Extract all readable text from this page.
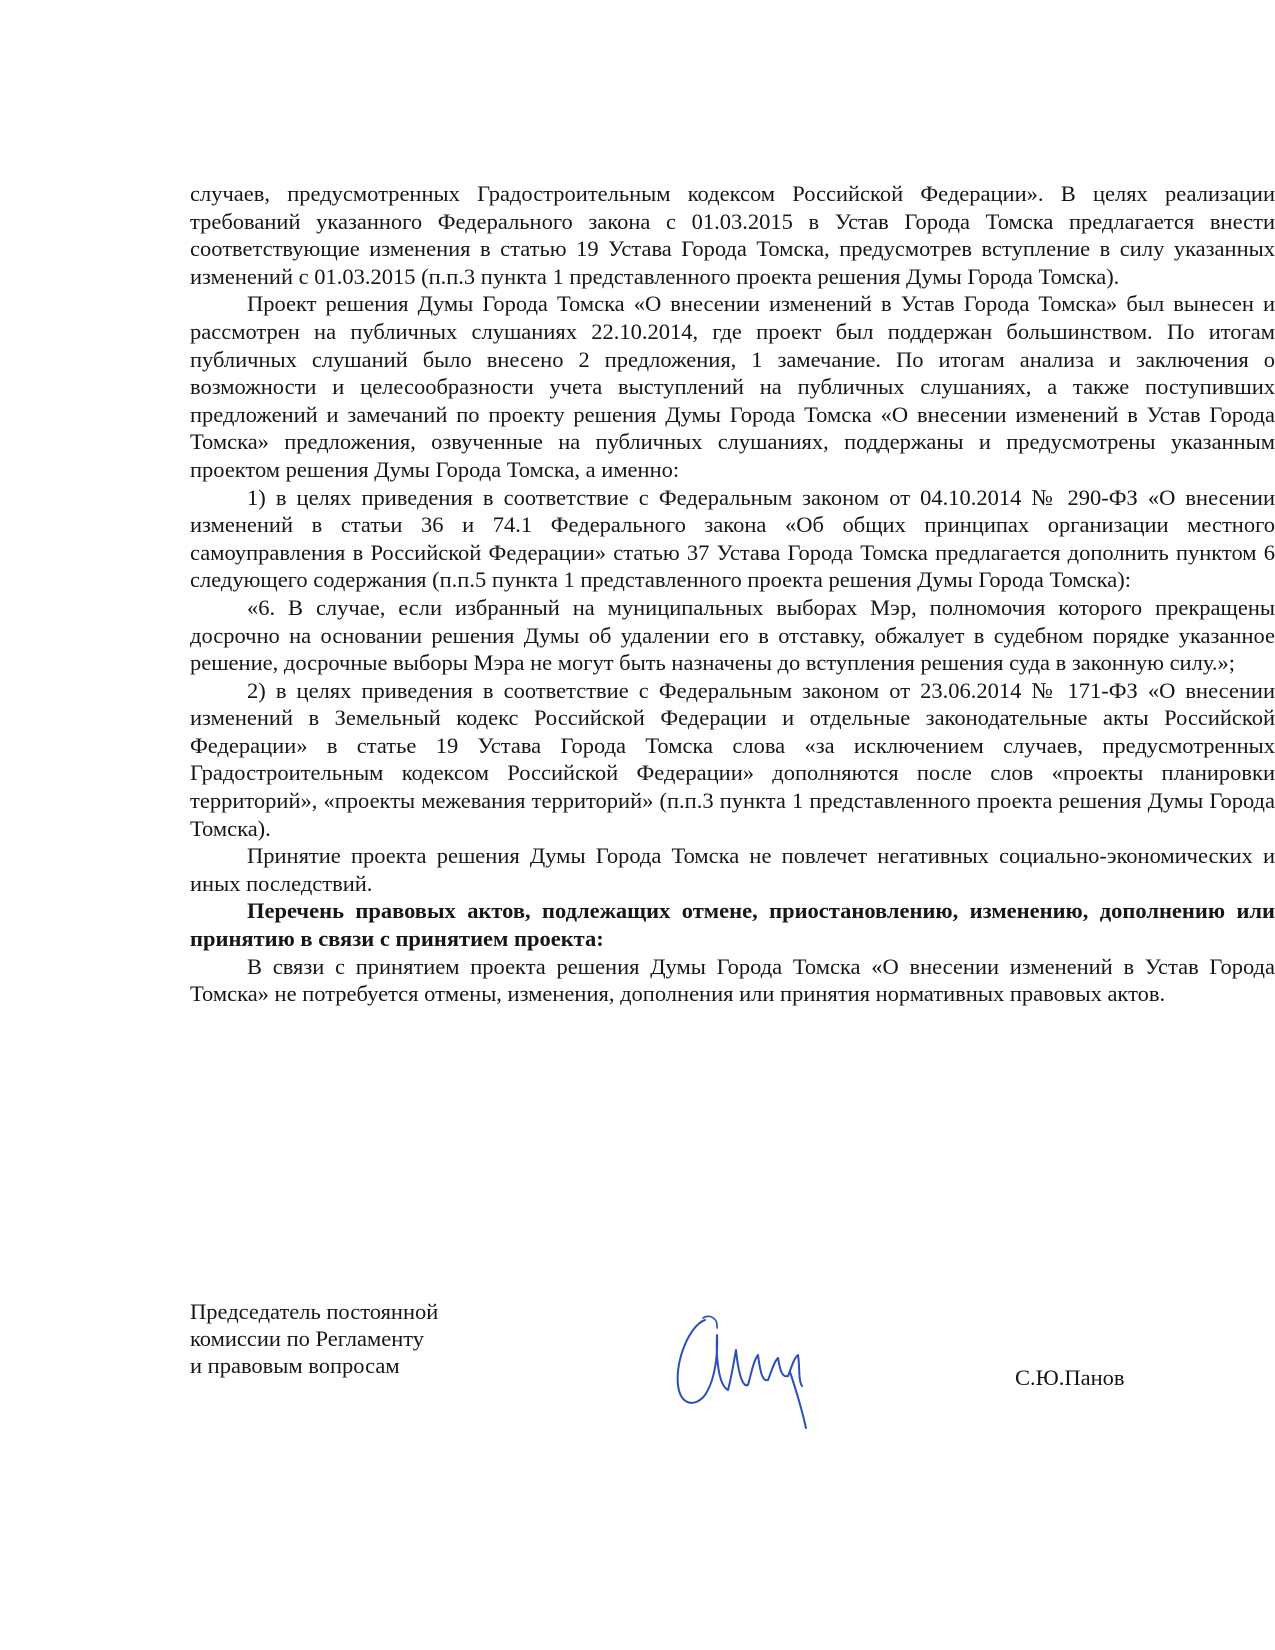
случаев, предусмотренных Градостроительным кодексом Российской Федерации». В целях реализации требований указанного Федерального закона с 01.03.2015 в Устав Города Томска предлагается внести соответствующие изменения в статью 19 Устава Города Томска, предусмотрев вступление в силу указанных изменений с 01.03.2015 (п.п.3 пункта 1 представленного проекта решения Думы Города Томска).

Проект решения Думы Города Томска «О внесении изменений в Устав Города Томска» был вынесен и рассмотрен на публичных слушаниях 22.10.2014, где проект был поддержан большинством. По итогам публичных слушаний было внесено 2 предложения, 1 замечание. По итогам анализа и заключения о возможности и целесообразности учета выступлений на публичных слушаниях, а также поступивших предложений и замечаний по проекту решения Думы Города Томска «О внесении изменений в Устав Города Томска» предложения, озвученные на публичных слушаниях, поддержаны и предусмотрены указанным проектом решения Думы Города Томска, а именно:

1) в целях приведения в соответствие с Федеральным законом от 04.10.2014 № 290-ФЗ «О внесении изменений в статьи 36 и 74.1 Федерального закона «Об общих принципах организации местного самоуправления в Российской Федерации» статью 37 Устава Города Томска предлагается дополнить пунктом 6 следующего содержания (п.п.5 пункта 1 представленного проекта решения Думы Города Томска):

«6. В случае, если избранный на муниципальных выборах Мэр, полномочия которого прекращены досрочно на основании решения Думы об удалении его в отставку, обжалует в судебном порядке указанное решение, досрочные выборы Мэра не могут быть назначены до вступления решения суда в законную силу.»;

2) в целях приведения в соответствие с Федеральным законом от 23.06.2014 № 171-ФЗ «О внесении изменений в Земельный кодекс Российской Федерации и отдельные законодательные акты Российской Федерации» в статье 19 Устава Города Томска слова «за исключением случаев, предусмотренных Градостроительным кодексом Российской Федерации» дополняются после слов «проекты планировки территорий», «проекты межевания территорий» (п.п.3 пункта 1 представленного проекта решения Думы Города Томска).

Принятие проекта решения Думы Города Томска не повлечет негативных социально-экономических и иных последствий.

Перечень правовых актов, подлежащих отмене, приостановлению, изменению, дополнению или принятию в связи с принятием проекта:

В связи с принятием проекта решения Думы Города Томска «О внесении изменений в Устав Города Томска» не потребуется отмены, изменения, дополнения или принятия нормативных правовых актов.

Председатель постоянной
комиссии по Регламенту
и правовым вопросам	С.Ю.Панов
